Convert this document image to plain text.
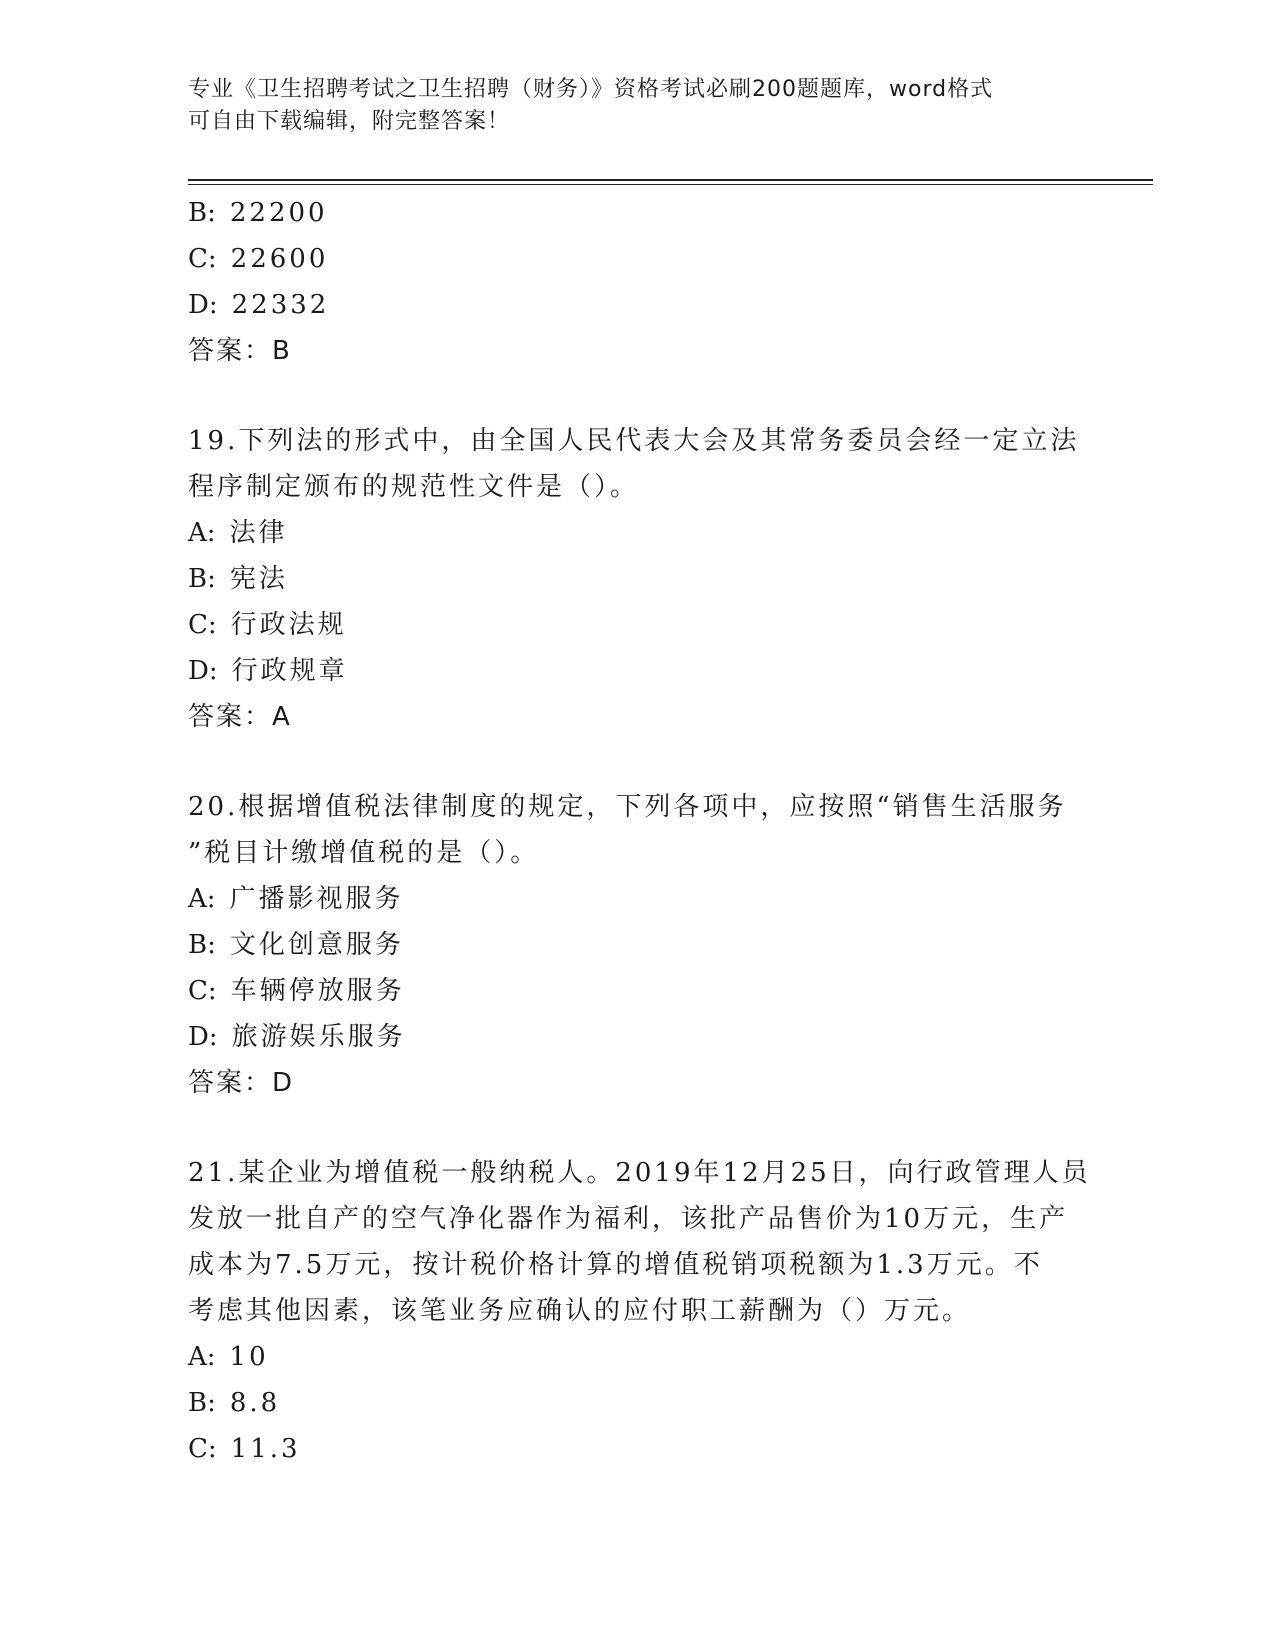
专业《卫生招聘考试之卫生招聘（财务）》资格考试必刷200题题库，word格式
可自由下载编辑，附完整答案！
B: 22200
C: 22600
D: 22332
答案：B
19.下列法的形式中，由全国人民代表大会及其常务委员会经一定立法
程序制定颁布的规范性文件是（）。
A: 法律
B: 宪法
C: 行政法规
D: 行政规章
答案：A
20.根据增值税法律制度的规定，下列各项中，应按照“销售生活服务
”税目计缴增值税的是（）。
A: 广播影视服务
B: 文化创意服务
C: 车辆停放服务
D: 旅游娱乐服务
答案：D
21.某企业为增值税一般纳税人。2019年12月25日，向行政管理人员
发放一批自产的空气净化器作为福利，该批产品售价为10万元，生产
成本为7.5万元，按计税价格计算的增值税销项税额为1.3万元。不
考虑其他因素，该笔业务应确认的应付职工薪酬为（）万元。
A: 10
B: 8.8
C: 11.3
